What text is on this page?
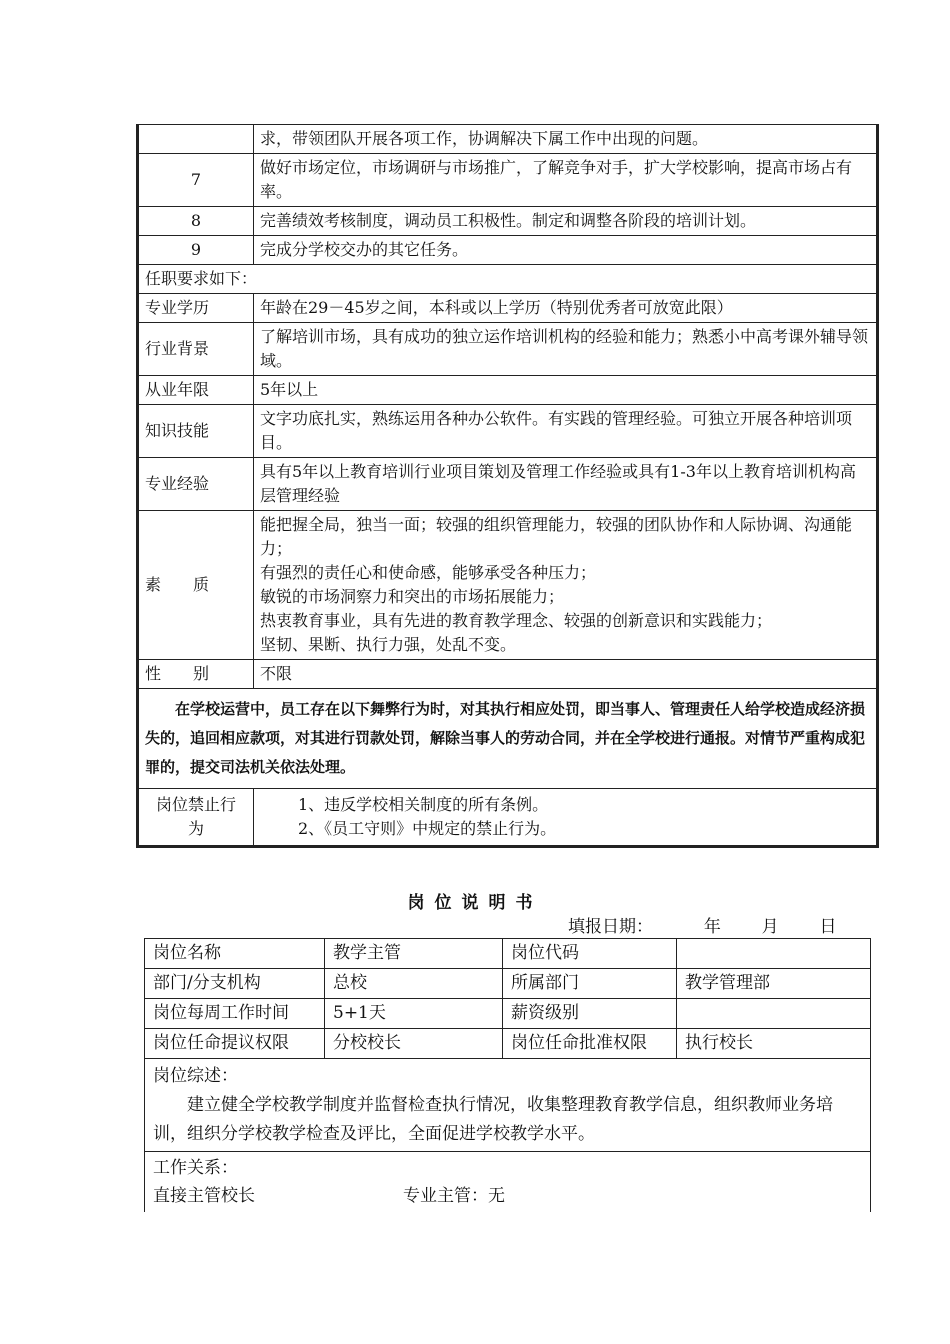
	求，带领团队开展各项工作，协调解决下属工作中出现的问题。
7	做好市场定位，市场调研与市场推广，了解竞争对手，扩大学校影响，提高市场占有率。
8	完善绩效考核制度，调动员工积极性。制定和调整各阶段的培训计划。
9	完成分学校交办的其它任务。
任职要求如下：	
专业学历	年龄在29－45岁之间，本科或以上学历（特别优秀者可放宽此限）
行业背景	了解培训市场，具有成功的独立运作培训机构的经验和能力；熟悉小中高考课外辅导领域。
从业年限	5年以上
知识技能	文字功底扎实，熟练运用各种办公软件。有实践的管理经验。可独立开展各种培训项目。
专业经验	具有5年以上教育培训行业项目策划及管理工作经验或具有1-3年以上教育培训机构高层管理经验
素　　质	能把握全局，独当一面；较强的组织管理能力，较强的团队协作和人际协调、沟通能力；
有强烈的责任心和使命感，能够承受各种压力；
敏锐的市场洞察力和突出的市场拓展能力；
热衷教育事业，具有先进的教育教学理念、较强的创新意识和实践能力；
坚韧、果断、执行力强，处乱不变。

性　　别	不限
在学校运营中，员工存在以下舞弊行为时，对其执行相应处罚，即当事人、管理责任人给学校造成经济损失的，追回相应款项，对其进行罚款处罚，解除当事人的劳动合同，并在全学校进行通报。对情节严重构成犯罪的，提交司法机关依法处理。	
岗位禁止行为	1、违反学校相关制度的所有条例。
2、《员工守则》中规定的禁止行为。
岗位说明书
填报日期：	年 月 日
岗位名称	教学主管	岗位代码	
部门/分支机构	总校	所属部门	教学管理部
岗位每周工作时间	5+1天	薪资级别	
岗位任命提议权限	分校校长	岗位任命批准权限	执行校长

岗位综述：
建立健全学校教学制度并监督检查执行情况，收集整理教育教学信息，组织教师业务培训，组织分学校教学检查及评比，全面促进学校教学水平。			

工作关系：
直接主管校长 专业主管：无			
